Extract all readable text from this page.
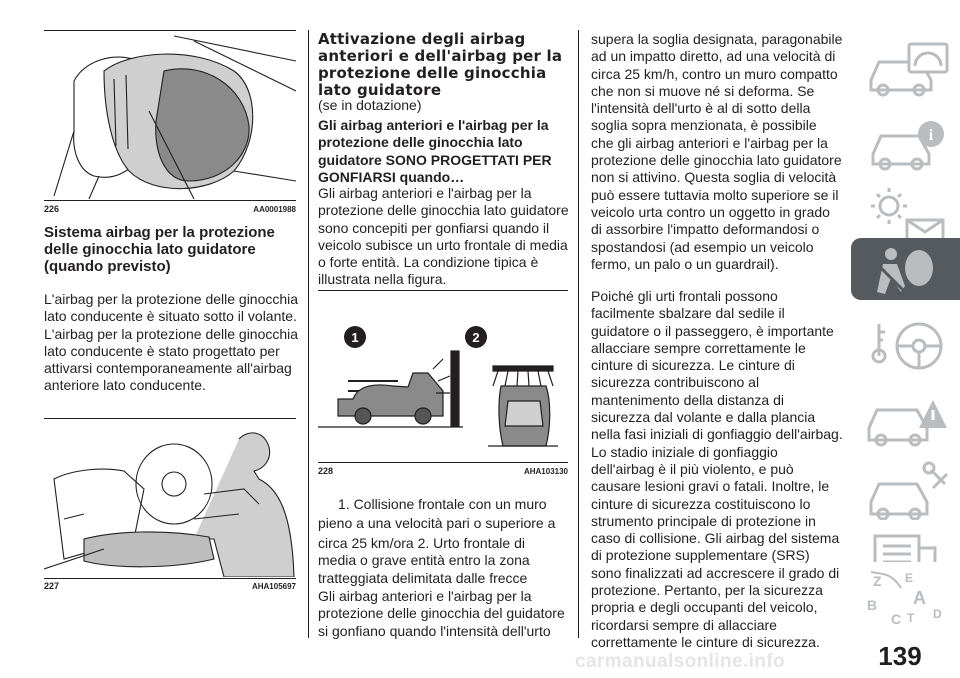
226	AA0001988
Sistema airbag per la protezione delle ginocchia lato guidatore (quando previsto)
L'airbag per la protezione delle ginocchia lato conducente è situato sotto il volante. L'airbag per la protezione delle ginocchia lato conducente è stato progettato per attivarsi contemporaneamente all'airbag anteriore lato conducente.
227	AHA105697
Attivazione degli airbag anteriori e dell'airbag per la protezione delle ginocchia lato guidatore
(se in dotazione)
Gli airbag anteriori e l'airbag per la protezione delle ginocchia lato guidatore SONO PROGETTATI PER GONFIARSI quando…
Gli airbag anteriori e l'airbag per la protezione delle ginocchia lato guidatore sono concepiti per gonfiarsi quando il veicolo subisce un urto frontale di media o forte entità. La condizione tipica è illustrata nella figura.
1	2
228	AHA103130
1. Collisione frontale con un muro
pieno a una velocità pari o superiore a
circa 25 km/ora 2. Urto frontale di media o grave entità entro la zona tratteggiata delimitata dalle frecce
Gli airbag anteriori e l'airbag per la protezione delle ginocchia del guidatore si gonfiano quando l'intensità dell'urto
supera la soglia designata, paragonabile ad un impatto diretto, ad una velocità di circa 25 km/h, contro un muro compatto che non si muove né si deforma. Se l'intensità dell'urto è al di sotto della soglia sopra menzionata, è possibile che gli airbag anteriori e l'airbag per la protezione delle ginocchia lato guidatore non si attivino. Questa soglia di velocità può essere tuttavia molto superiore se il veicolo urta contro un oggetto in grado di assorbire l'impatto deformandosi o spostandosi (ad esempio un veicolo fermo, un palo o un guardrail).
Poiché gli urti frontali possono facilmente sbalzare dal sedile il guidatore o il passeggero, è importante allacciare sempre correttamente le cinture di sicurezza. Le cinture di sicurezza contribuiscono al mantenimento della distanza di sicurezza dal volante e dalla plancia nella fasi iniziali di gonfiaggio dell'airbag. Lo stadio iniziale di gonfiaggio dell'airbag è il più violento, e può causare lesioni gravi o fatali. Inoltre, le cinture di sicurezza costituiscono lo strumento principale di protezione in caso di collisione. Gli airbag del sistema di protezione supplementare (SRS) sono finalizzati ad accrescere il grado di protezione. Pertanto, per la sicurezza propria e degli occupanti del veicolo, ricordarsi sempre di allacciare correttamente le cinture di sicurezza.
i
Z E
A
B
C T D
139
carmanualsonline.info
